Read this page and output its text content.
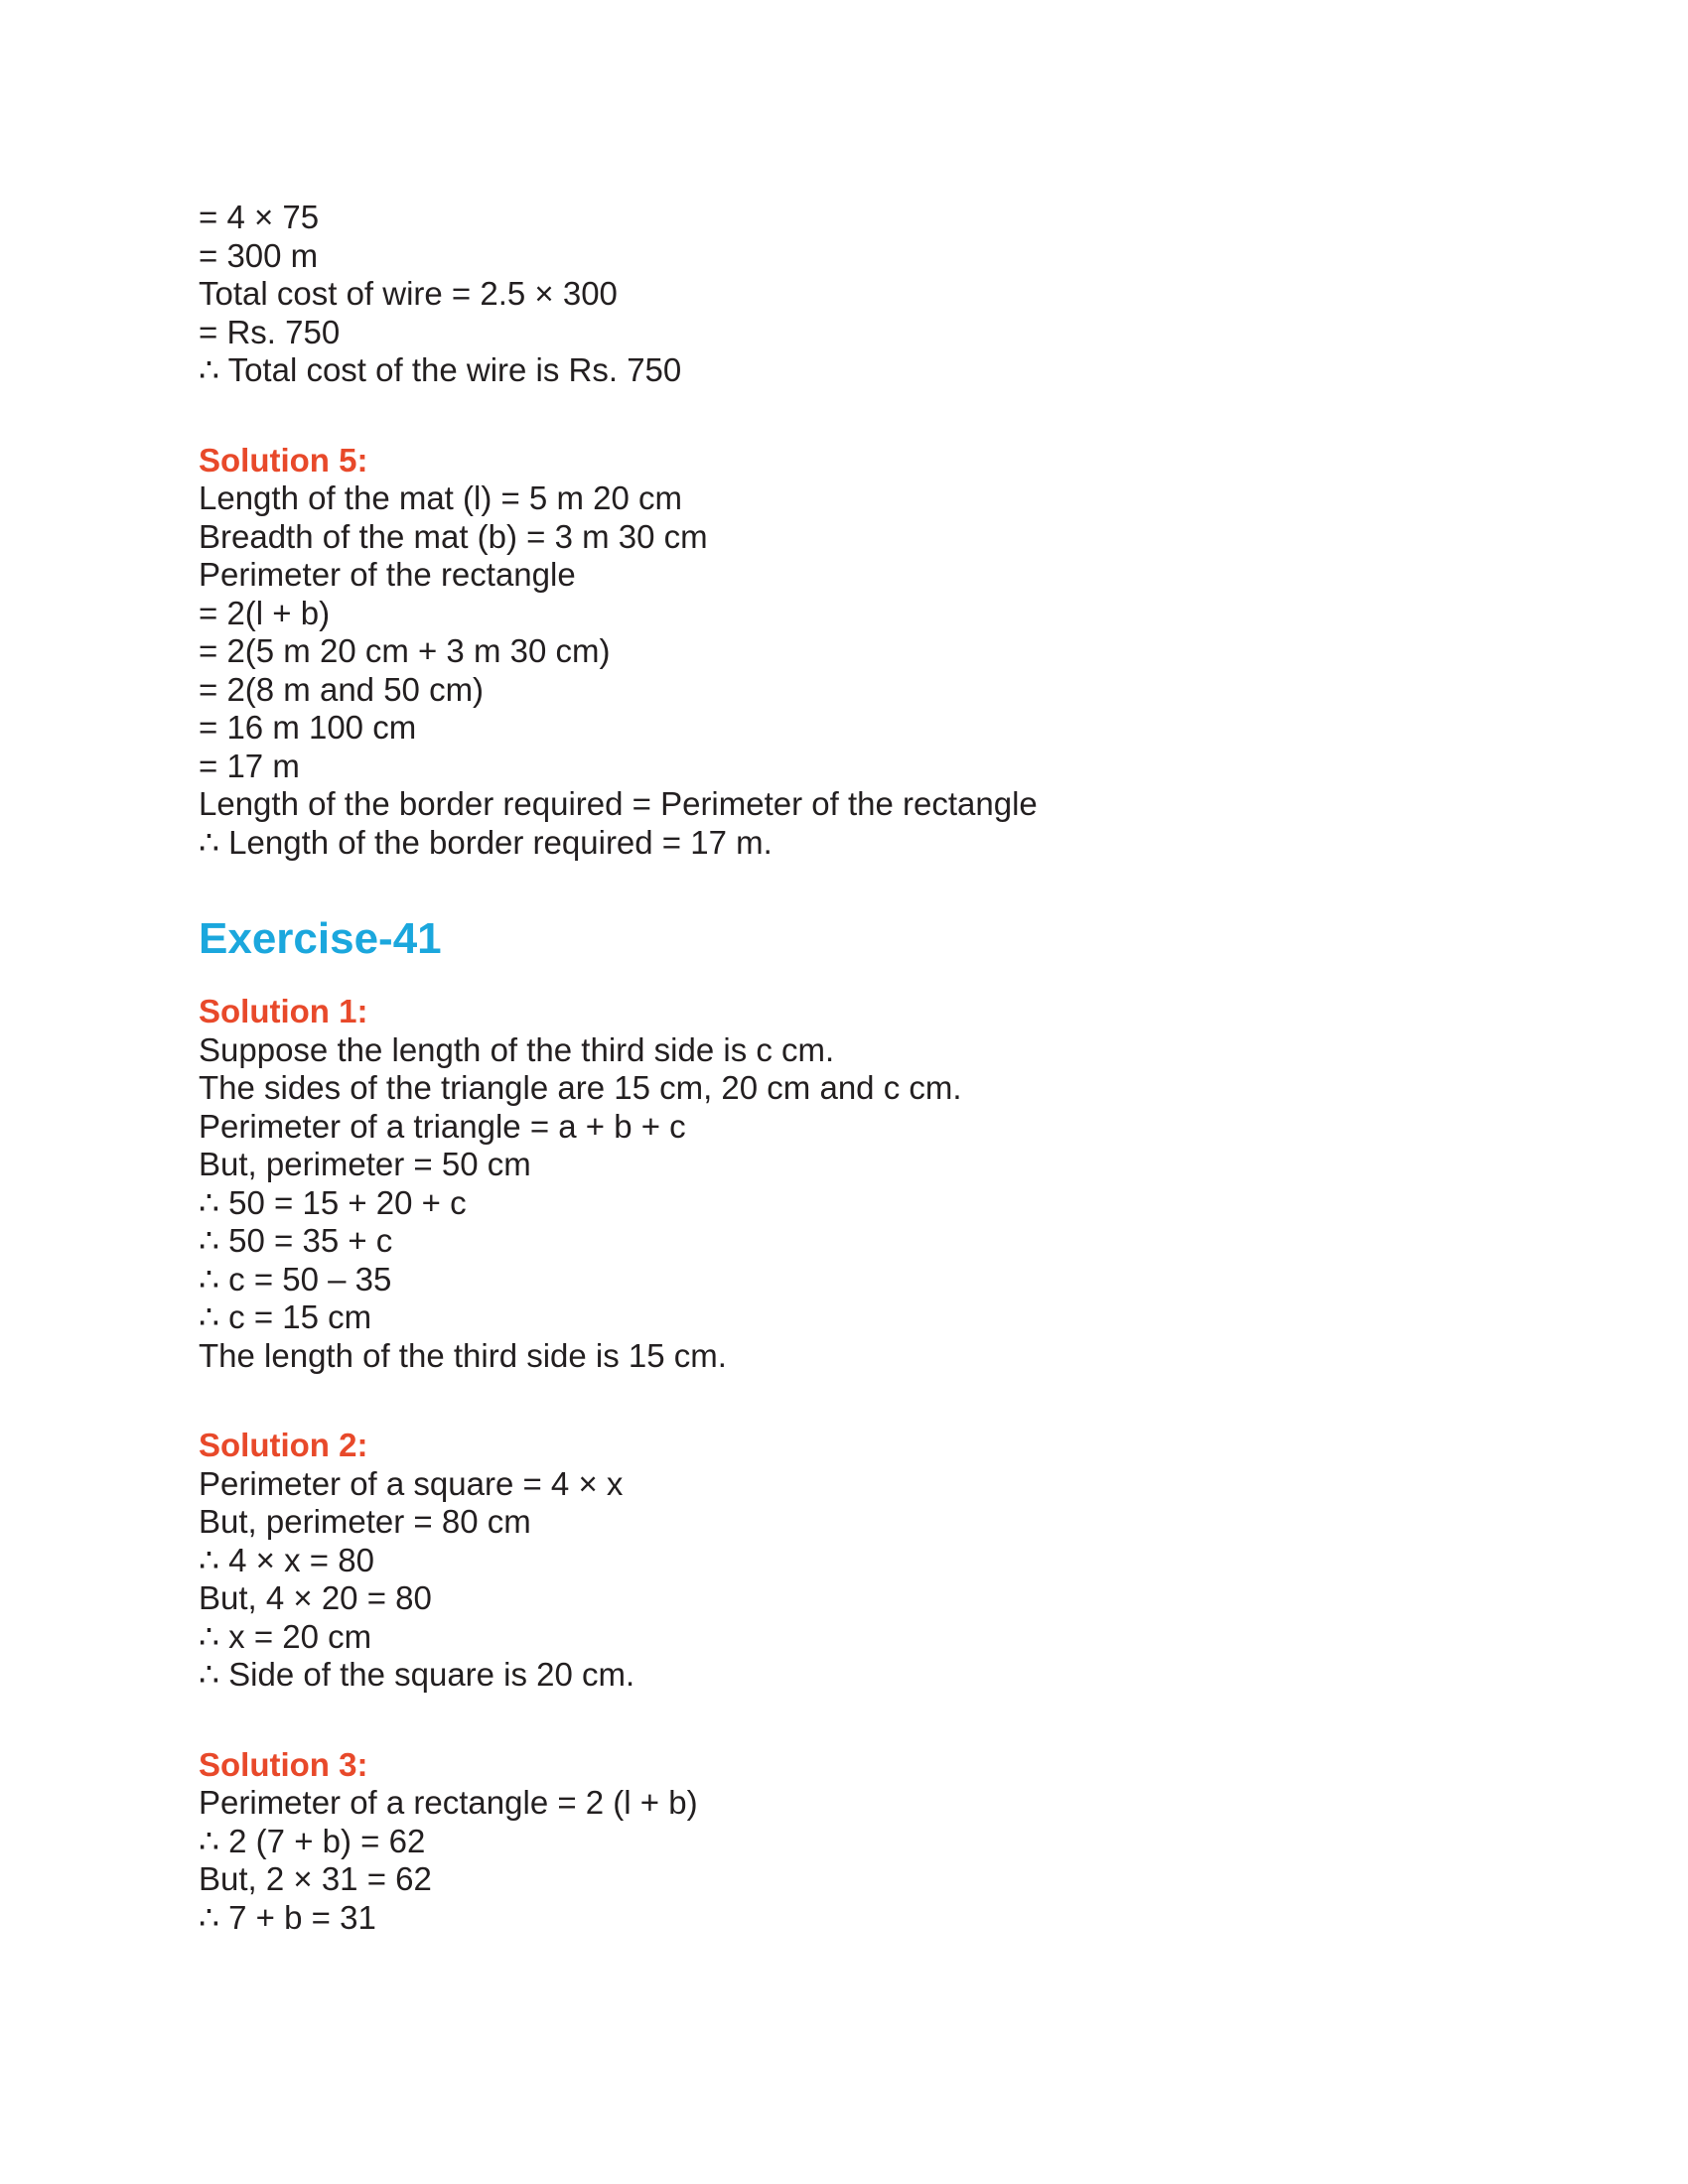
= 4 × 75

= 300 m

Total cost of wire = 2.5 × 300

= Rs. 750

∴ Total cost of the wire is Rs. 750

Solution 5:

Length of the mat (l) = 5 m 20 cm

Breadth of the mat (b) = 3 m 30 cm

Perimeter of the rectangle

= 2(l + b)

= 2(5 m 20 cm + 3 m 30 cm)

= 2(8 m and 50 cm)

= 16 m 100 cm

= 17 m

Length of the border required = Perimeter of the rectangle

∴ Length of the border required = 17 m.

Exercise-41

Solution 1:

Suppose the length of the third side is c cm.

The sides of the triangle are 15 cm, 20 cm and c cm.

Perimeter of a triangle = a + b + c

But, perimeter = 50 cm

∴ 50 = 15 + 20 + c

∴ 50 = 35 + c

∴ c = 50 – 35

∴ c = 15 cm

The length of the third side is 15 cm.

Solution 2:

Perimeter of a square = 4 × x

But, perimeter = 80 cm

∴ 4 × x = 80

But, 4 × 20 = 80

∴ x = 20 cm

∴ Side of the square is 20 cm.

Solution 3:

Perimeter of a rectangle = 2 (l + b)

∴ 2 (7 + b) = 62

But, 2 × 31 = 62

∴ 7 + b = 31
